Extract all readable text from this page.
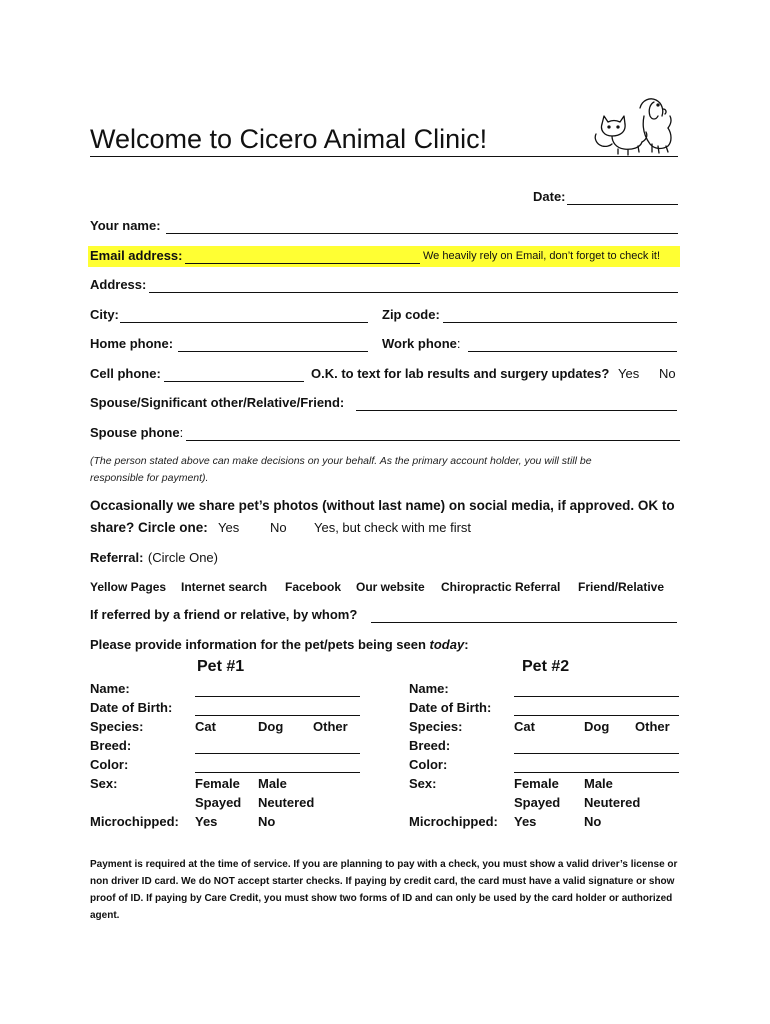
Welcome to Cicero Animal Clinic!
Date:
Your name:
Email address:	We heavily rely on Email, don’t forget to check it!
Address:
City:	Zip code:
Home phone:	Work phone:
Cell phone:	O.K. to text for lab results and surgery updates? Yes No
Spouse/Significant other/Relative/Friend:
Spouse phone:
(The person stated above can make decisions on your behalf. As the primary account holder, you will still be
responsible for payment).
Occasionally we share pet’s photos (without last name) on social media, if approved. OK to
share? Circle one: Yes No Yes, but check with me first
Referral: (Circle One)
Yellow Pages Internet search Facebook Our website Chiropractic Referral Friend/Relative
If referred by a friend or relative, by whom?
Please provide information for the pet/pets being seen today:
Pet #1
Name:
Date of Birth:
Species:	Cat	Dog Other
Breed:
Color:
Sex:	Female Male
Spayed Neutered
Microchipped: Yes	No
Pet #2
Name:
Date of Birth:
Species:	Cat	Dog Other
Breed:
Color:
Sex:	Female Male
Spayed Neutered
Microchipped: Yes	No
Payment is required at the time of service. If you are planning to pay with a check, you must show a valid driver’s license or non driver ID card. We do NOT accept starter checks. If paying by credit card, the card must have a valid signature or show proof of ID. If paying by Care Credit, you must show two forms of ID and can only be used by the card holder or authorized agent.
